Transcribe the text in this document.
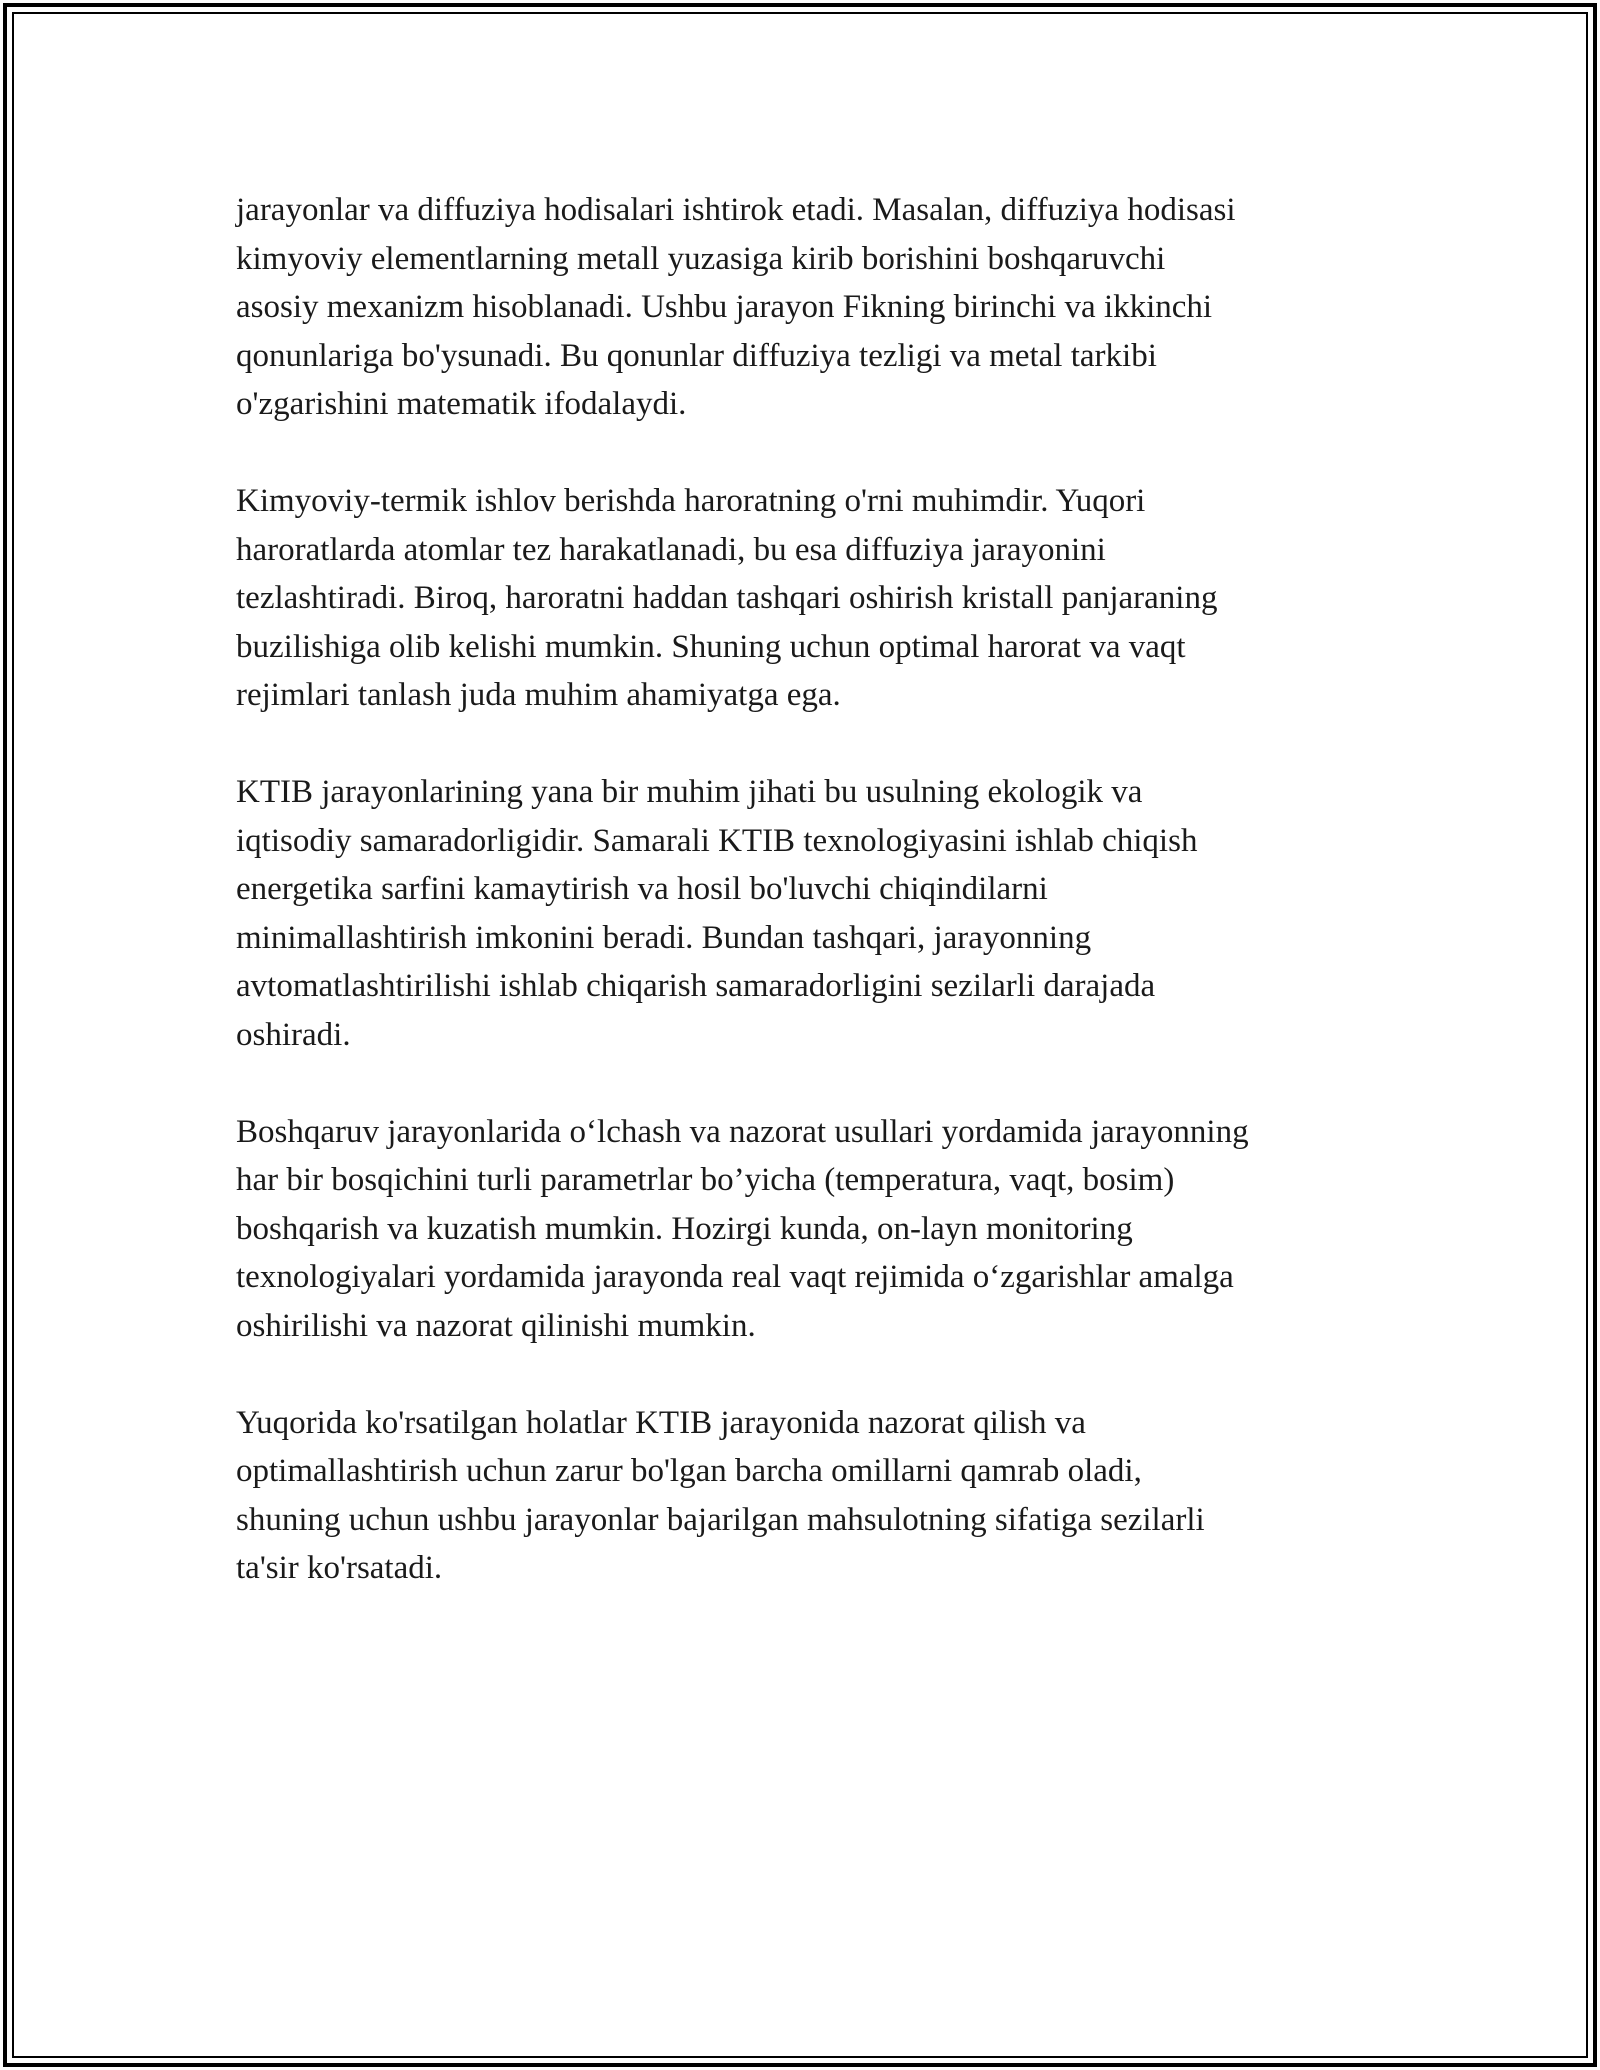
jarayonlar va diffuziya hodisalari ishtirok etadi. Masalan, diffuziya hodisasi
kimyoviy elementlarning metall yuzasiga kirib borishini boshqaruvchi
asosiy mexanizm hisoblanadi. Ushbu jarayon Fikning birinchi va ikkinchi
qonunlariga bo'ysunadi. Bu qonunlar diffuziya tezligi va metal tarkibi
o'zgarishini matematik ifodalaydi.

Kimyoviy-termik ishlov berishda haroratning o'rni muhimdir. Yuqori
haroratlarda atomlar tez harakatlanadi, bu esa diffuziya jarayonini
tezlashtiradi. Biroq, haroratni haddan tashqari oshirish kristall panjaraning
buzilishiga olib kelishi mumkin. Shuning uchun optimal harorat va vaqt
rejimlari tanlash juda muhim ahamiyatga ega.

KTIB jarayonlarining yana bir muhim jihati bu usulning ekologik va
iqtisodiy samaradorligidir. Samarali KTIB texnologiyasini ishlab chiqish
energetika sarfini kamaytirish va hosil bo'luvchi chiqindilarni
minimallashtirish imkonini beradi. Bundan tashqari, jarayonning
avtomatlashtirilishi ishlab chiqarish samaradorligini sezilarli darajada
oshiradi.

Boshqaruv jarayonlarida o‘lchash va nazorat usullari yordamida jarayonning
har bir bosqichini turli parametrlar bo’yicha (temperatura, vaqt, bosim)
boshqarish va kuzatish mumkin. Hozirgi kunda, on-layn monitoring
texnologiyalari yordamida jarayonda real vaqt rejimida o‘zgarishlar amalga
oshirilishi va nazorat qilinishi mumkin.

Yuqorida ko'rsatilgan holatlar KTIB jarayonida nazorat qilish va
optimallashtirish uchun zarur bo'lgan barcha omillarni qamrab oladi,
shuning uchun ushbu jarayonlar bajarilgan mahsulotning sifatiga sezilarli
ta'sir ko'rsatadi.
